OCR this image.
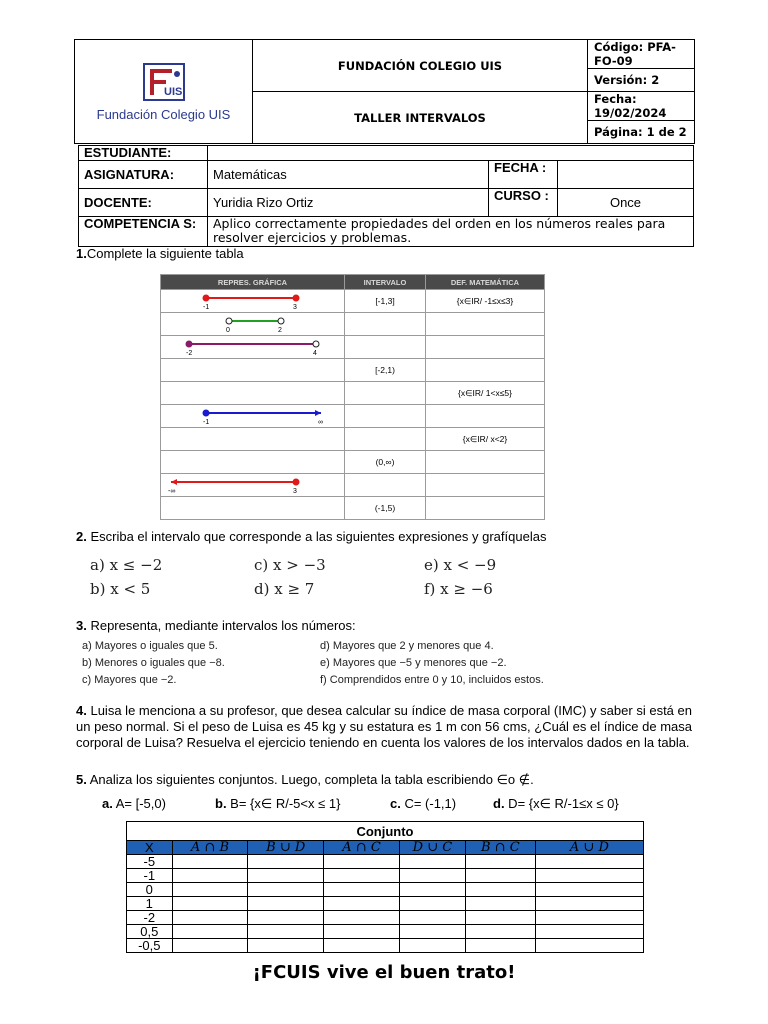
UIS
Fundación Colegio UIS	FUNDACIÓN COLEGIO UIS	Código: PFA-FO-09
		Versión: 2
	TALLER INTERVALOS	Fecha: 19/02/2024
		Página: 1 de 2
ESTUDIANTE:			
ASIGNATURA:	Matemáticas	FECHA :	
DOCENTE:	Yuridia Rizo Ortiz	CURSO :	Once
COMPETENCIA S:	Aplico correctamente propiedades del orden en los números reales para resolver ejercicios y problemas.		
1.Complete la siguiente tabla
REPRES. GRÁFICA	INTERVALO	DEF. MATEMÁTICA

-1 3	[-1,3]	{x∈IR/ -1≤x≤3}

0 2		

-2 4		

	[-2,1)	
		{x∈IR/ 1<x≤5}

-1 ∞		

		{x∈IR/ x<2}
	(0,∞)	

-∞ 3		

	(-1,5)	
2. Escriba el intervalo que corresponde a las siguientes expresiones y grafíquelas
a) x ≤ −2	c) x > −3	e) x < −9
b) x < 5	d) x ≥ 7	f) x ≥ −6
3. Representa, mediante intervalos los números:
a) Mayores o iguales que 5.	d) Mayores que 2 y menores que 4.
b) Menores o iguales que −8.	e) Mayores que −5 y menores que −2.
c) Mayores que −2.	f) Comprendidos entre 0 y 10, incluidos estos.
4. Luisa le menciona a su profesor, que desea calcular su índice de masa corporal (IMC) y saber si está en un peso normal. Si el peso de Luisa es 45 kg y su estatura es 1 m con 56 cms, ¿Cuál es el índice de masa corporal de Luisa? Resuelva el ejercicio teniendo en cuenta los valores de los intervalos dados en la tabla.
5. Analiza los siguientes conjuntos. Luego, completa la tabla escribiendo ∈o ∉.
a. A= [-5,0)	b. B= {x∈ R/-5<x ≤ 1}	c. C= (-1,1)	d. D= {x∈ R/-1≤x ≤ 0}
Conjunto						
X	A ∩ B	B ∪ D	A ∩ C	D ∪ C	B ∩ C	A ∪ D
-5						
-1						
0						
1						
-2						
0,5						
-0,5						
¡FCUIS vive el buen trato!
